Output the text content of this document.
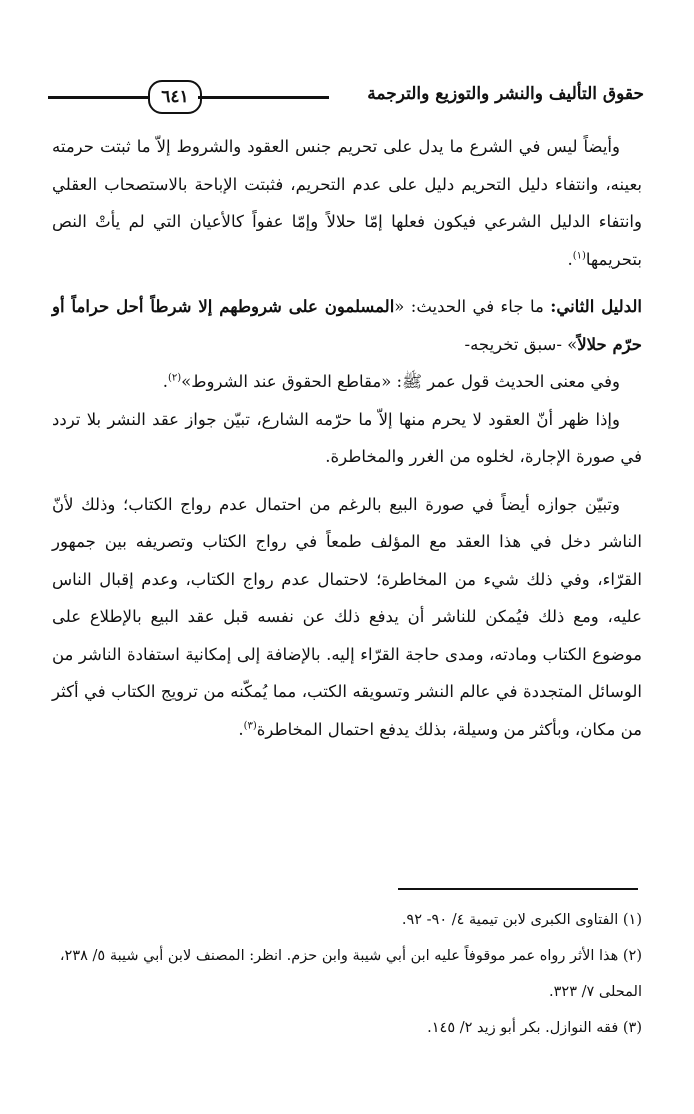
حقوق التأليف والنشر والتوزيع والترجمة
٦٤١

وأيضاً ليس في الشرع ما يدل على تحريم جنس العقود والشروط إلاّ ما ثبتت حرمته بعينه، وانتفاء دليل التحريم دليل على عدم التحريم، فثبتت الإباحة بالاستصحاب العقلي وانتفاء الدليل الشرعي فيكون فعلها إمّا حلالاً وإمّا عفواً كالأعيان التي لم يأتْ النص بتحريمها$^{(١)}$.

الدليل الثاني: ما جاء في الحديث: «المسلمون على شروطهم إلا شرطاً أحل حراماً أو حرّم حلالاً» -سبق تخريجه-

وفي معنى الحديث قول عمر ﷺ: «مقاطع الحقوق عند الشروط»$^{(٢)}$.

وإذا ظهر أنّ العقود لا يحرم منها إلاّ ما حرّمه الشارع، تبيّن جواز عقد النشر بلا تردد في صورة الإجارة، لخلوه من الغرر والمخاطرة.

وتبيّن جوازه أيضاً في صورة البيع بالرغم من احتمال عدم رواج الكتاب؛ وذلك لأنّ الناشر دخل في هذا العقد مع المؤلف طمعاً في رواج الكتاب وتصريفه بين جمهور القرّاء، وفي ذلك شيء من المخاطرة؛ لاحتمال عدم رواج الكتاب، وعدم إقبال الناس عليه، ومع ذلك فيُمكن للناشر أن يدفع ذلك عن نفسه قبل عقد البيع بالإطلاع على موضوع الكتاب ومادته، ومدى حاجة القرّاء إليه. بالإضافة إلى إمكانية استفادة الناشر من الوسائل المتجددة في عالم النشر وتسويقه الكتب، مما يُمكّنه من ترويج الكتاب في أكثر من مكان، وبأكثر من وسيلة، بذلك يدفع احتمال المخاطرة$^{(٣)}$.

(١) الفتاوى الكبرى لابن تيمية ٤/ ٩٠- ٩٢.

(٢) هذا الأثر رواه عمر موقوفاً عليه ابن أبي شيبة وابن حزم. انظر: المصنف لابن أبي شيبة ٥/ ٢٣٨، المحلى ٧/ ٣٢٣.

(٣) فقه النوازل. بكر أبو زيد ٢/ ١٤٥.
